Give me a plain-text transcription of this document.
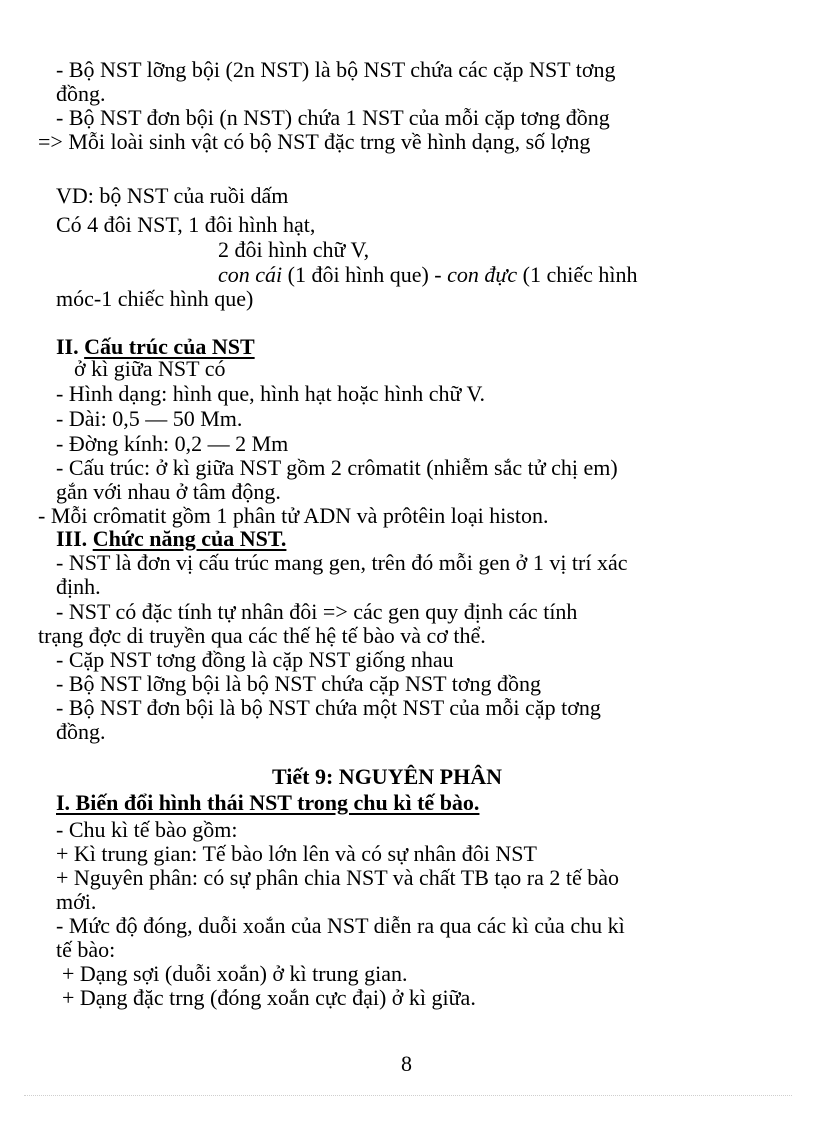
- Bộ NST lỡng bội (2n NST) là bộ NST chứa các cặp NST tơng
đồng.
- Bộ NST đơn bội (n NST) chứa 1 NST của mỗi cặp tơng đồng
=> Mỗi loài sinh vật có bộ NST đặc trng về hình dạng, số lợng
VD: bộ NST của ruồi dấm
Có 4 đôi NST, 1 đôi hình hạt,
2 đôi hình chữ V,
con cái (1 đôi hình que) - con đực (1 chiếc hình
móc-1 chiếc hình que)
II. Cấu trúc của NST
ở kì giữa NST có
- Hình dạng: hình que, hình hạt hoặc hình chữ V.
- Dài: 0,5 — 50 Mm.
- Đờng kính: 0,2 — 2 Mm
- Cấu trúc: ở kì giữa NST gồm 2 crômatit (nhiễm sắc tử chị em)
gắn với nhau ở tâm động.
- Mỗi crômatit gồm 1 phân tử ADN và prôtêin loại histon.
III. Chức năng của NST.
- NST là đơn vị cấu trúc mang gen, trên đó mỗi gen ở 1 vị trí xác
định.
- NST có đặc tính tự nhân đôi => các gen quy định các tính
trạng đợc di truyền qua các thế hệ tế bào và cơ thể.
- Cặp NST tơng đồng là cặp NST giống nhau
- Bộ NST lỡng bội là bộ NST chứa cặp NST tơng đồng
- Bộ NST đơn bội là bộ NST chứa một NST của mỗi cặp tơng
đồng.
Tiết 9: NGUYÊN PHÂN
I. Biến đổi hình thái NST trong chu kì tế bào.
- Chu kì tế bào gồm:
+ Kì trung gian: Tế bào lớn lên và có sự nhân đôi NST
+ Nguyên phân: có sự phân chia NST và chất TB tạo ra 2 tế bào
mới.
- Mức độ đóng, duỗi xoắn của NST diễn ra qua các kì của chu kì
tế bào:
+ Dạng sợi (duỗi xoắn) ở kì trung gian.
+ Dạng đặc trng (đóng xoắn cực đại) ở kì giữa.
8
